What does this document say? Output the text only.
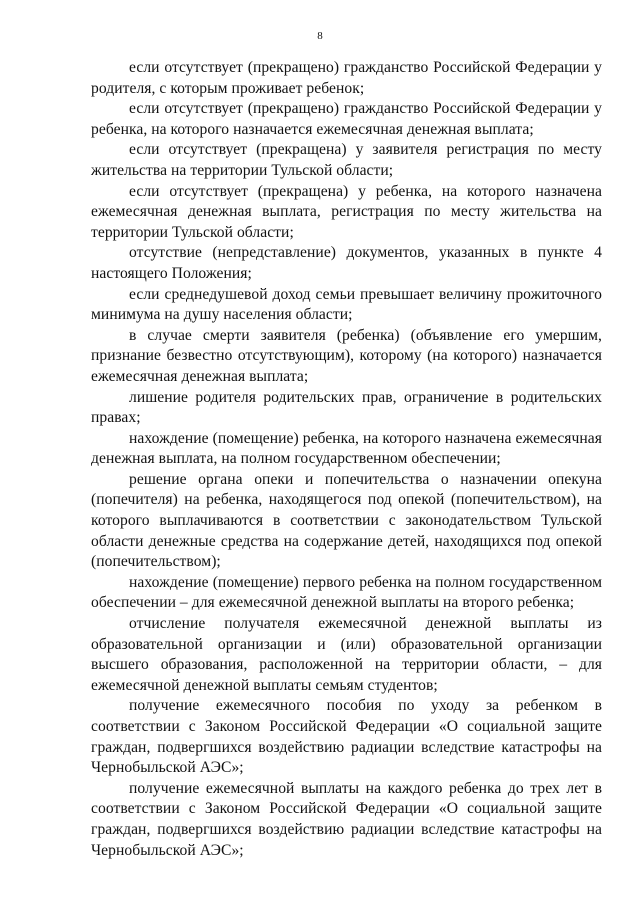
8

если отсутствует (прекращено) гражданство Российской Федерации у родителя, с которым проживает ребенок;

если отсутствует (прекращено) гражданство Российской Федерации у ребенка, на которого назначается ежемесячная денежная выплата;

если отсутствует (прекращена) у заявителя регистрация по месту жительства на территории Тульской области;

если отсутствует (прекращена) у ребенка, на которого назначена ежемесячная денежная выплата, регистрация по месту жительства на территории Тульской области;

отсутствие (непредставление) документов, указанных в пункте 4 настоящего Положения;

если среднедушевой доход семьи превышает величину прожиточного минимума на душу населения области;

в случае смерти заявителя (ребенка) (объявление его умершим, признание безвестно отсутствующим), которому (на которого) назначается ежемесячная денежная выплата;

лишение родителя родительских прав, ограничение в родительских правах;

нахождение (помещение) ребенка, на которого назначена ежемесячная денежная выплата, на полном государственном обеспечении;

решение органа опеки и попечительства о назначении опекуна (попечителя) на ребенка, находящегося под опекой (попечительством), на которого выплачиваются в соответствии с законодательством Тульской области денежные средства на содержание детей, находящихся под опекой (попечительством);

нахождение (помещение) первого ребенка на полном государственном обеспечении – для ежемесячной денежной выплаты на второго ребенка;

отчисление получателя ежемесячной денежной выплаты из образовательной организации и (или) образовательной организации высшего образования, расположенной на территории области, – для ежемесячной денежной выплаты семьям студентов;

получение ежемесячного пособия по уходу за ребенком в соответствии с Законом Российской Федерации «О социальной защите граждан, подвергшихся воздействию радиации вследствие катастрофы на Чернобыльской АЭС»;

получение ежемесячной выплаты на каждого ребенка до трех лет в соответствии с Законом Российской Федерации «О социальной защите граждан, подвергшихся воздействию радиации вследствие катастрофы на Чернобыльской АЭС»;
